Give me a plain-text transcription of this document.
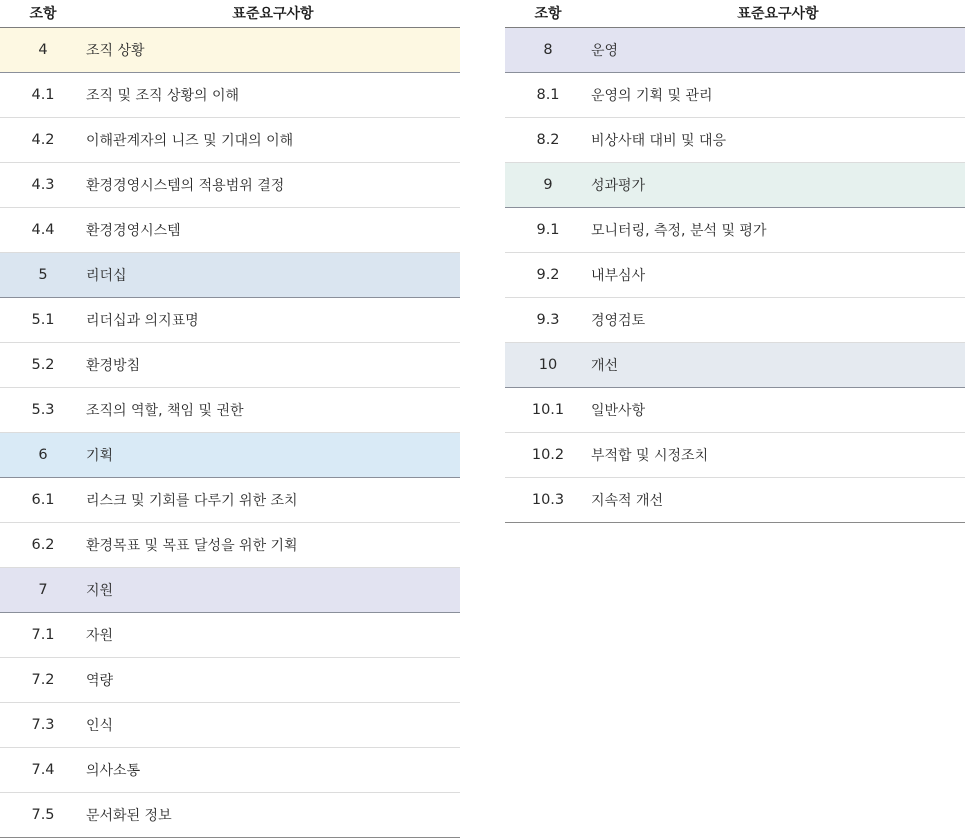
조항	표준요구사항
4	조직 상황
4.1	조직 및 조직 상황의 이해
4.2	이해관계자의 니즈 및 기대의 이해
4.3	환경경영시스템의 적용범위 결정
4.4	환경경영시스템
5	리더십
5.1	리더십과 의지표명
5.2	환경방침
5.3	조직의 역할, 책임 및 권한
6	기획
6.1	리스크 및 기회를 다루기 위한 조치
6.2	환경목표 및 목표 달성을 위한 기획
7	지원
7.1	자원
7.2	역량
7.3	인식
7.4	의사소통
7.5	문서화된 정보
조항	표준요구사항
8	운영
8.1	운영의 기획 및 관리
8.2	비상사태 대비 및 대응
9	성과평가
9.1	모니터링, 측정, 분석 및 평가
9.2	내부심사
9.3	경영검토
10	개선
10.1	일반사항
10.2	부적합 및 시정조치
10.3	지속적 개선
